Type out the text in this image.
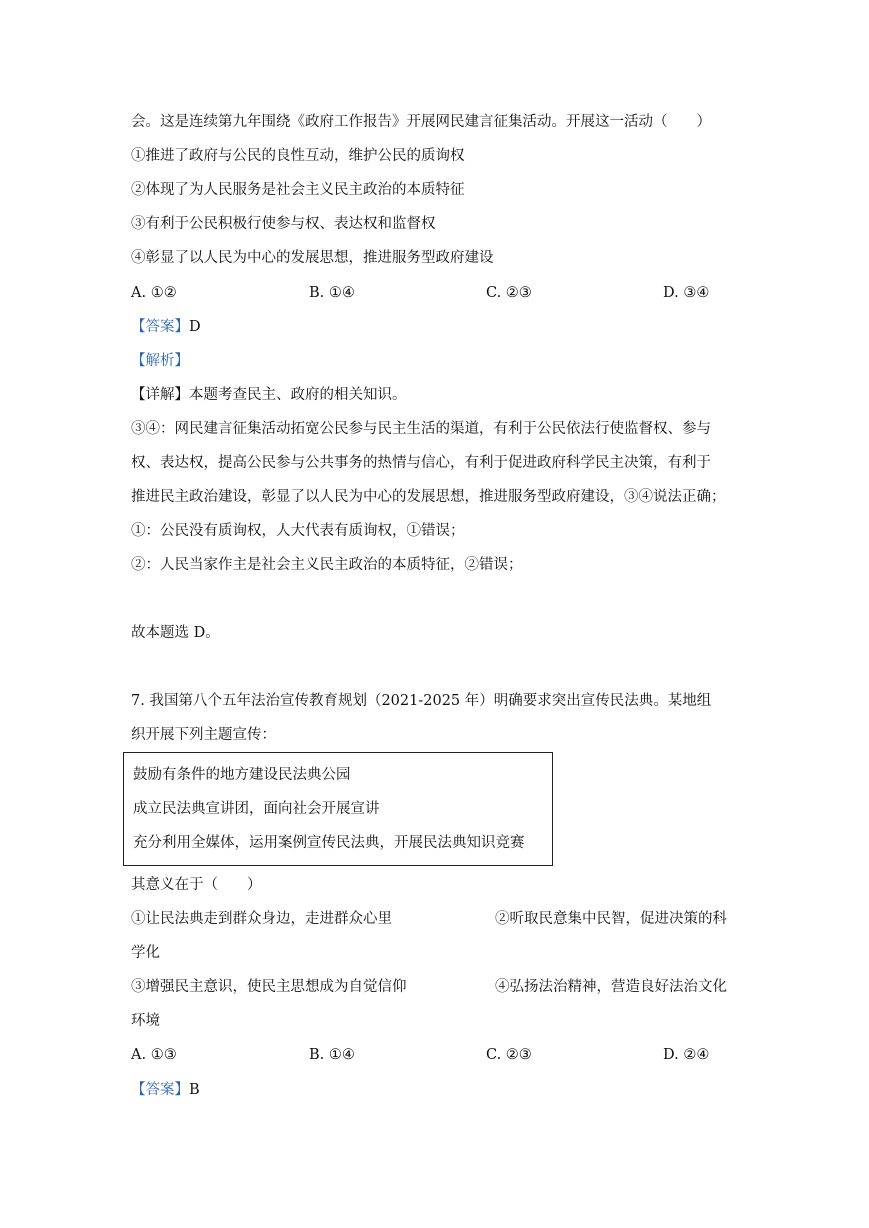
会。这是连续第九年围绕《政府工作报告》开展网民建言征集活动。开展这一活动（　　）
①推进了政府与公民的良性互动，维护公民的质询权
②体现了为人民服务是社会主义民主政治的本质特征
③有利于公民积极行使参与权、表达权和监督权
④彰显了以人民为中心的发展思想，推进服务型政府建设
A. ①②	B. ①④	C. ②③	D. ③④
【答案】D
【解析】
【详解】本题考查民主、政府的相关知识。
③④：网民建言征集活动拓宽公民参与民主生活的渠道，有利于公民依法行使监督权、参与
权、表达权，提高公民参与公共事务的热情与信心，有利于促进政府科学民主决策，有利于
推进民主政治建设，彰显了以人民为中心的发展思想，推进服务型政府建设，③④说法正确；
①：公民没有质询权，人大代表有质询权，①错误；
②：人民当家作主是社会主义民主政治的本质特征，②错误；
故本题选 D。
7. 我国第八个五年法治宣传教育规划（2021-2025 年）明确要求突出宣传民法典。某地组
织开展下列主题宣传：
鼓励有条件的地方建设民法典公园
成立民法典宣讲团，面向社会开展宣讲
充分利用全媒体，运用案例宣传民法典，开展民法典知识竞赛
其意义在于（　　）
①让民法典走到群众身边，走进群众心里	②听取民意集中民智，促进决策的科
学化
③增强民主意识，使民主思想成为自觉信仰	④弘扬法治精神，营造良好法治文化
环境
A. ①③	B. ①④	C. ②③	D. ②④
【答案】B
